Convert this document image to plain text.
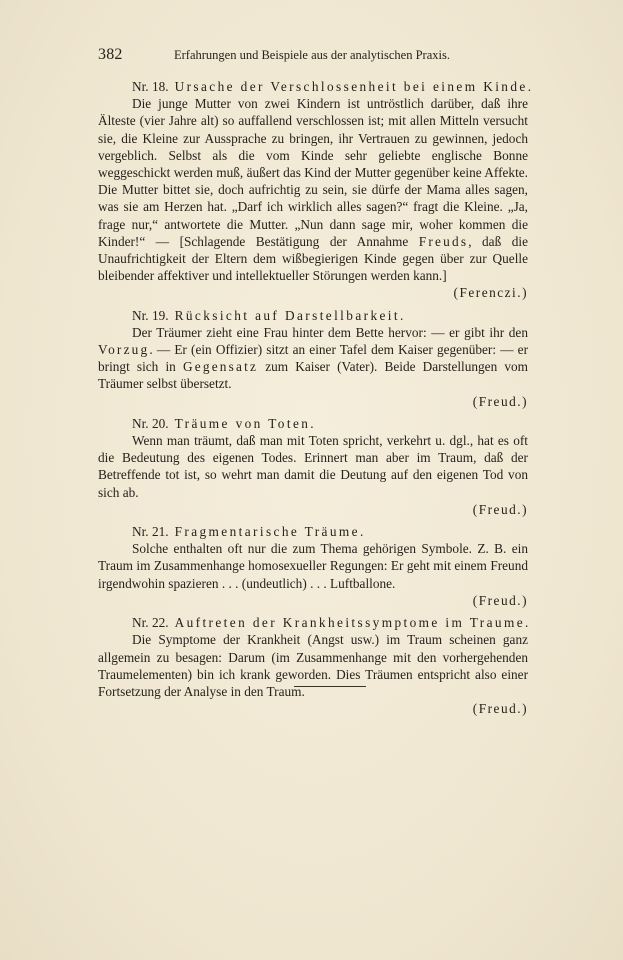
382	Erfahrungen und Beispiele aus der analytischen Praxis.

Nr. 18. Ursache der Verschlossenheit bei einem Kinde.

Die junge Mutter von zwei Kindern ist untröstlich darüber, daß ihre Älteste (vier Jahre alt) so auffallend verschlossen ist; mit allen Mitteln versucht sie, die Kleine zur Aussprache zu bringen, ihr Vertrauen zu gewinnen, jedoch vergeblich. Selbst als die vom Kinde sehr geliebte englische Bonne weggeschickt werden muß, äußert das Kind der Mutter gegenüber keine Affekte. Die Mutter bittet sie, doch aufrichtig zu sein, sie dürfe der Mama alles sagen, was sie am Herzen hat. „Darf ich wirklich alles sagen?“ fragt die Kleine. „Ja, frage nur,“ antwortete die Mutter. „Nun dann sage mir, woher kommen die Kinder!“ — [Schlagende Bestätigung der Annahme Freuds, daß die Unaufrichtigkeit der Eltern dem wißbegierigen Kinde gegen über zur Quelle bleibender affektiver und intellektueller Störungen werden kann.]

(Ferenczi.)

Nr. 19. Rücksicht auf Darstellbarkeit.

Der Träumer zieht eine Frau hinter dem Bette hervor: — er gibt ihr den Vorzug. — Er (ein Offizier) sitzt an einer Tafel dem Kaiser gegenüber: — er bringt sich in Gegensatz zum Kaiser (Vater). Beide Darstellungen vom Träumer selbst übersetzt.

(Freud.)

Nr. 20. Träume von Toten.

Wenn man träumt, daß man mit Toten spricht, verkehrt u. dgl., hat es oft die Bedeutung des eigenen Todes. Erinnert man aber im Traum, daß der Betreffende tot ist, so wehrt man damit die Deutung auf den eigenen Tod von sich ab.

(Freud.)

Nr. 21. Fragmentarische Träume.

Solche enthalten oft nur die zum Thema gehörigen Symbole. Z. B. ein Traum im Zusammenhange homosexueller Regungen: Er geht mit einem Freund irgendwohin spazieren . . . (undeutlich) . . . Luftballone.

(Freud.)

Nr. 22. Auftreten der Krankheitssymptome im Traume.

Die Symptome der Krankheit (Angst usw.) im Traum scheinen ganz allgemein zu besagen: Darum (im Zusammenhange mit den vorhergehenden Traumelementen) bin ich krank geworden. Dies Träumen entspricht also einer Fortsetzung der Analyse in den Traum.

(Freud.)
